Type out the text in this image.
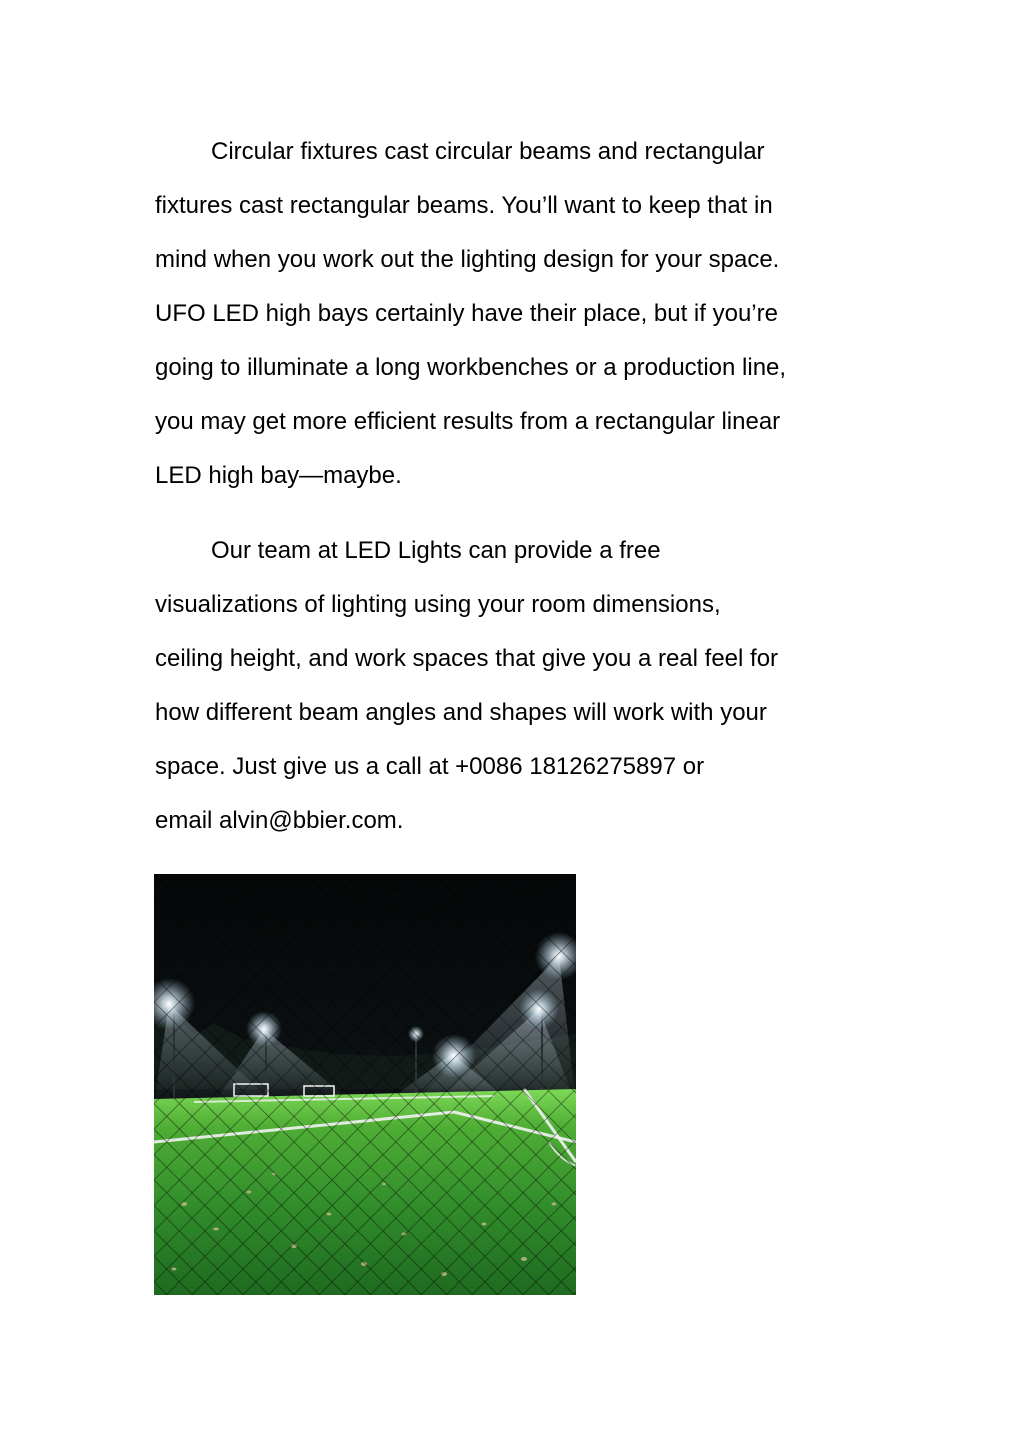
Circular fixtures cast circular beams and rectangular
fixtures cast rectangular beams. You’ll want to keep that in
mind when you work out the lighting design for your space.
UFO LED high bays certainly have their place, but if you’re
going to illuminate a long workbenches or a production line,
you may get more efficient results from a rectangular linear
LED high bay—maybe.
Our team at LED Lights can provide a free
visualizations of lighting using your room dimensions,
ceiling height, and work spaces that give you a real feel for
how different beam angles and shapes will work with your
space. Just give us a call at +0086 18126275897 or
email alvin@bbier.com.
